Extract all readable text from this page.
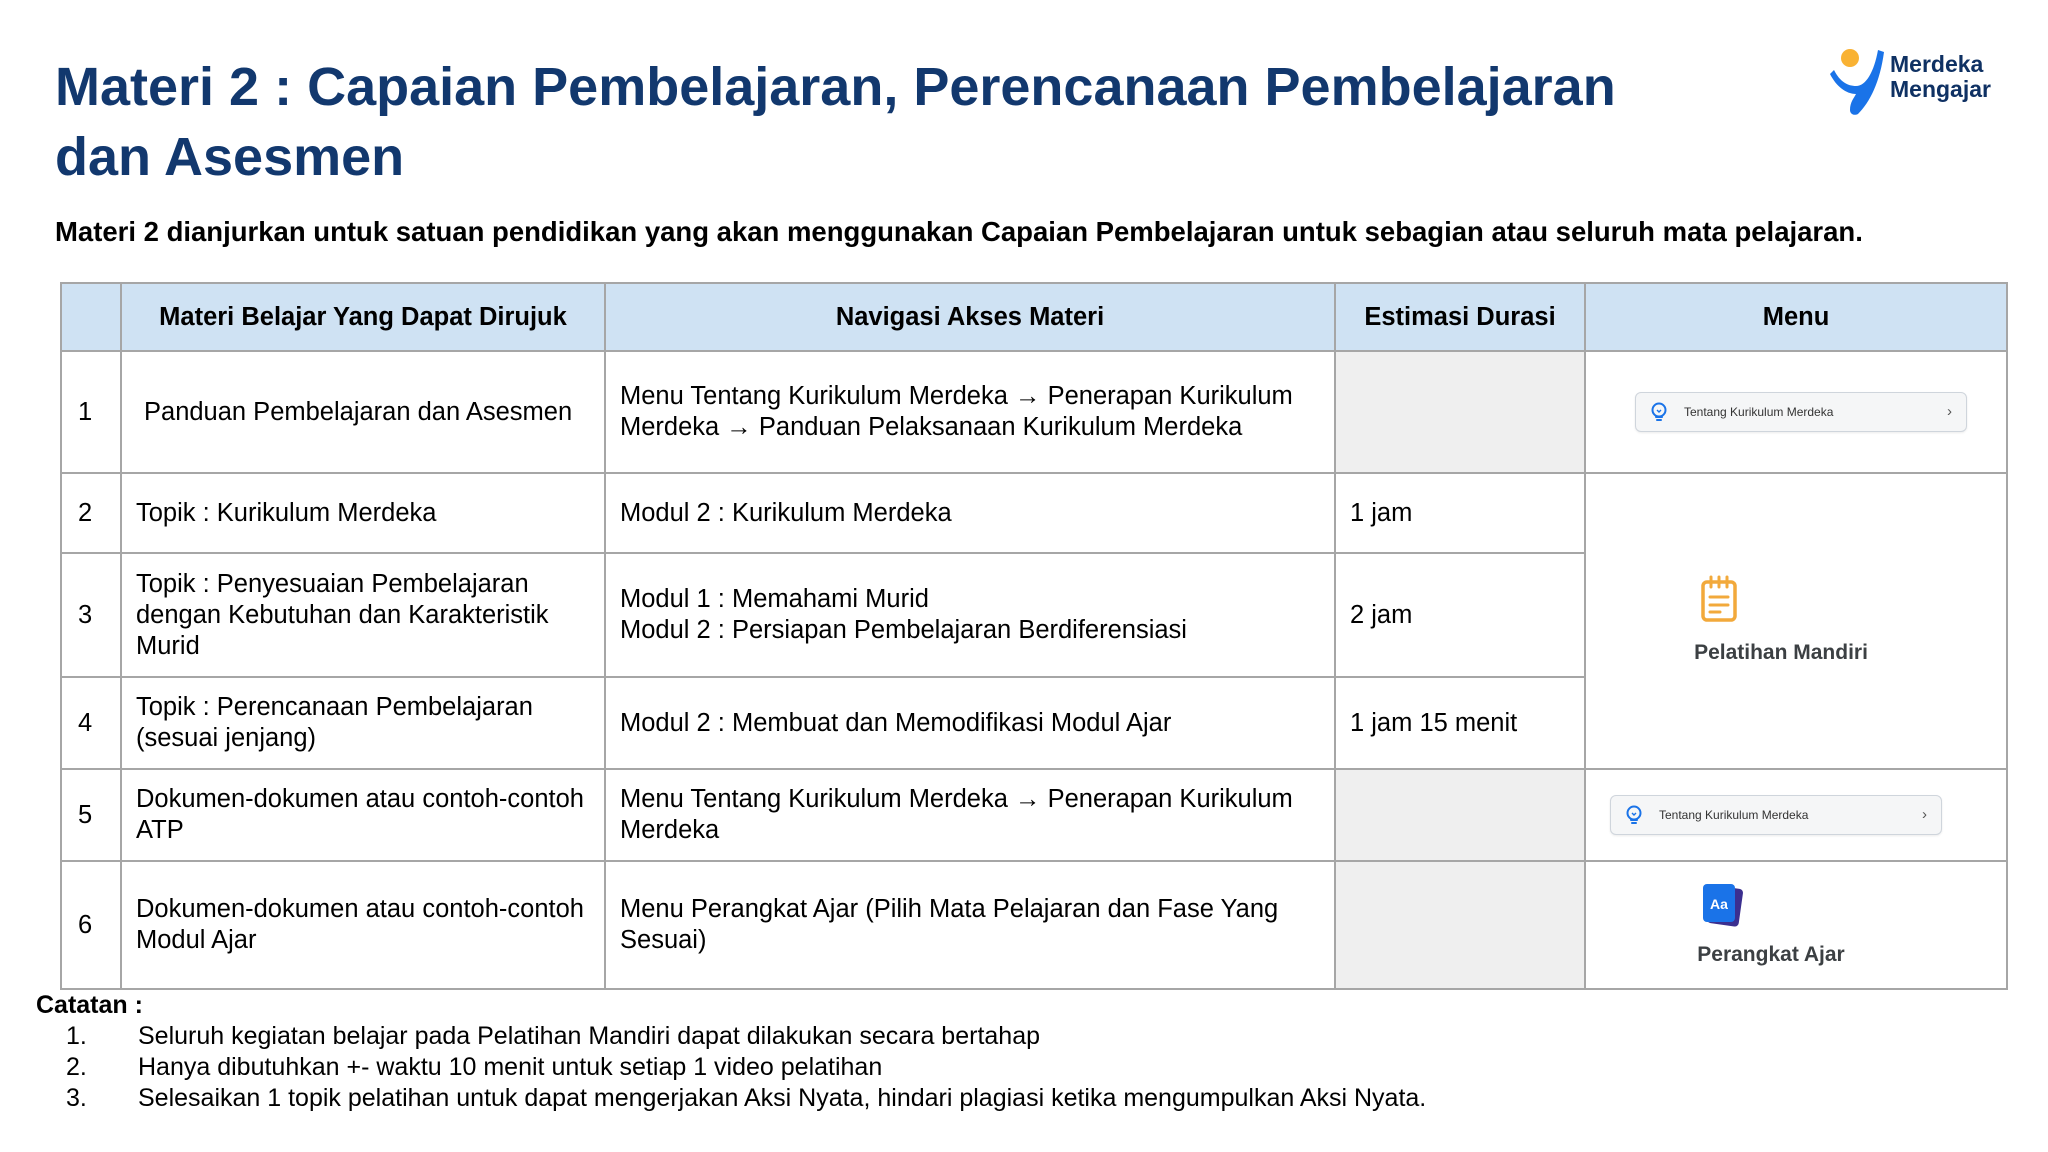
Materi 2 : Capaian Pembelajaran, Perencanaan Pembelajaran dan Asesmen
Merdeka
Mengajar

Materi 2 dianjurkan untuk satuan pendidikan yang akan menggunakan Capaian Pembelajaran untuk sebagian atau seluruh mata pelajaran.

	Materi Belajar Yang Dapat Dirujuk	Navigasi Akses Materi	Estimasi Durasi	Menu
1	Panduan Pembelajaran dan Asesmen	Menu Tentang Kurikulum Merdeka → Penerapan Kurikulum
Merdeka → Panduan Pelaksanaan Kurikulum Merdeka		Tentang Kurikulum Merdeka ›

2	Topik : Kurikulum Merdeka	Modul 2 : Kurikulum Merdeka	1 jam	Pelatihan Mandiri

3	Topik : Penyesuaian Pembelajaran
dengan Kebutuhan dan Karakteristik
Murid	Modul 1 : Memahami Murid
Modul 2 : Persiapan Pembelajaran Berdiferensiasi	2 jam	
4	Topik : Perencanaan Pembelajaran
(sesuai jenjang)	Modul 2 : Membuat dan Memodifikasi Modul Ajar	1 jam 15 menit	
5	Dokumen-dokumen atau contoh-contoh
ATP	Menu Tentang Kurikulum Merdeka → Penerapan Kurikulum
Merdeka		Tentang Kurikulum Merdeka ›

6	Dokumen-dokumen atau contoh-contoh
Modul Ajar	Menu Perangkat Ajar (Pilih Mata Pelajaran dan Fase Yang
Sesuai)		Aa
Perangkat Ajar
Catatan :
1. Seluruh kegiatan belajar pada Pelatihan Mandiri dapat dilakukan secara bertahap
2. Hanya dibutuhkan +- waktu 10 menit untuk setiap 1 video pelatihan
3. Selesaikan 1 topik pelatihan untuk dapat mengerjakan Aksi Nyata, hindari plagiasi ketika mengumpulkan Aksi Nyata.
